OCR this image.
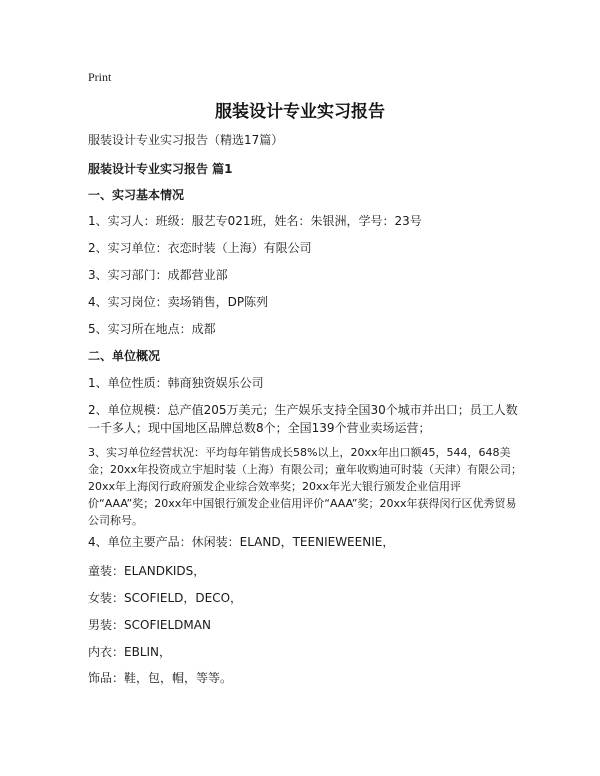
Print
服装设计专业实习报告
服装设计专业实习报告（精选17篇）
服装设计专业实习报告 篇1
一、实习基本情况
1、实习人：班级：服艺专021班，姓名：朱银洲，学号：23号
2、实习单位：衣恋时装（上海）有限公司
3、实习部门：成都营业部
4、实习岗位：卖场销售，DP陈列
5、实习所在地点：成都
二、单位概况
1、单位性质：韩商独资娱乐公司
2、单位规模：总产值205万美元；生产娱乐支持全国30个城市并出口；员工人数一千多人；现中国地区品牌总数8个；全国139个营业卖场运营；
3、实习单位经营状况：平均每年销售成长58%以上，20xx年出口额45，544，648美金；20xx年投资成立宇旭时装（上海）有限公司；童年收购迪可时装（天津）有限公司；20xx年上海闵行政府颁发企业综合效率奖；20xx年光大银行颁发企业信用评价“AAA”奖；20xx年中国银行颁发企业信用评价“AAA”奖；20xx年获得闵行区优秀贸易公司称号。
4、单位主要产品：休闲装：ELAND，TEENIEWEENIE，
童装：ELANDKIDS，
女装：SCOFIELD，DECO，
男装：SCOFIELDMAN
内衣：EBLIN，
饰品：鞋，包，帽，等等。
